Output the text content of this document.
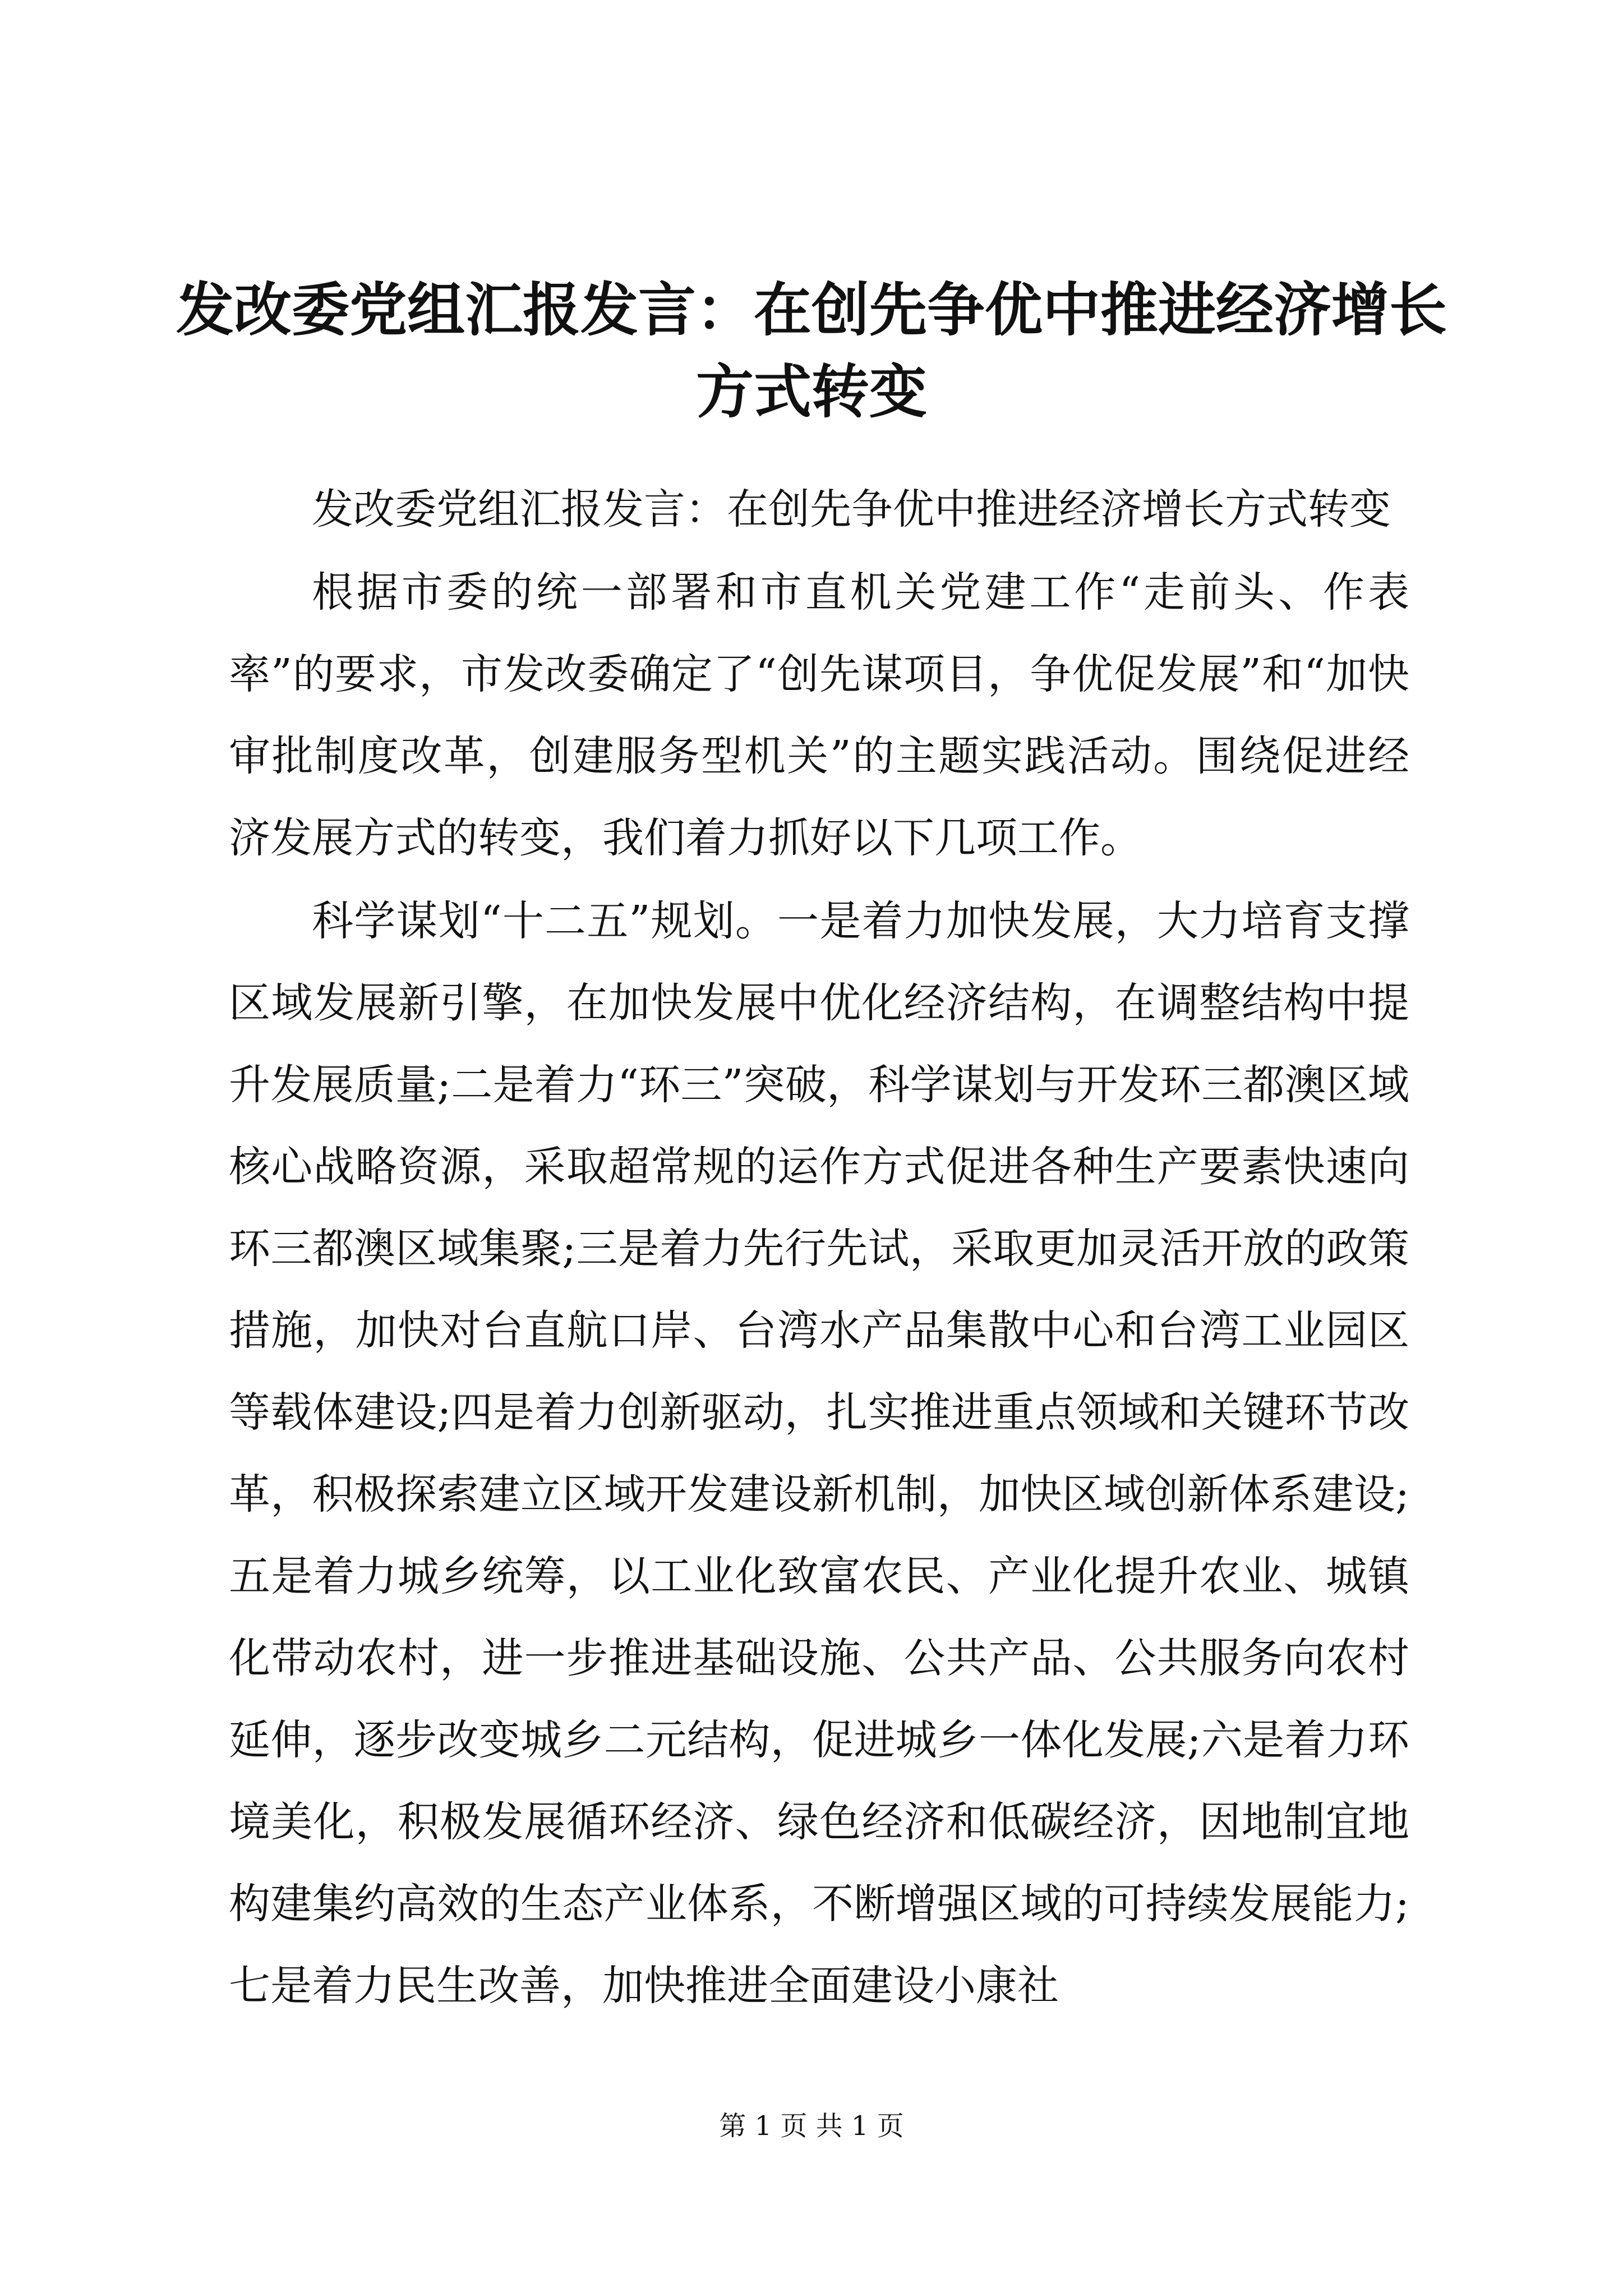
发改委党组汇报发言：在创先争优中推进经济增长方式转变

发改委党组汇报发言：在创先争优中推进经济增长方式转变

根据市委的统一部署和市直机关党建工作“走前头、作表率”的要求，市发改委确定了“创先谋项目，争优促发展”和“加快审批制度改革，创建服务型机关”的主题实践活动。围绕促进经济发展方式的转变，我们着力抓好以下几项工作。

科学谋划“十二五”规划。一是着力加快发展，大力培育支撑区域发展新引擎，在加快发展中优化经济结构，在调整结构中提升发展质量;二是着力“环三”突破，科学谋划与开发环三都澳区域核心战略资源，采取超常规的运作方式促进各种生产要素快速向环三都澳区域集聚;三是着力先行先试，采取更加灵活开放的政策措施，加快对台直航口岸、台湾水产品集散中心和台湾工业园区等载体建设;四是着力创新驱动，扎实推进重点领域和关键环节改革，积极探索建立区域开发建设新机制，加快区域创新体系建设;五是着力城乡统筹，以工业化致富农民、产业化提升农业、城镇化带动农村，进一步推进基础设施、公共产品、公共服务向农村延伸，逐步改变城乡二元结构，促进城乡一体化发展;六是着力环境美化，积极发展循环经济、绿色经济和低碳经济，因地制宜地构建集约高效的生态产业体系，不断增强区域的可持续发展能力;七是着力民生改善，加快推进全面建设小康社

第 1 页 共 1 页
